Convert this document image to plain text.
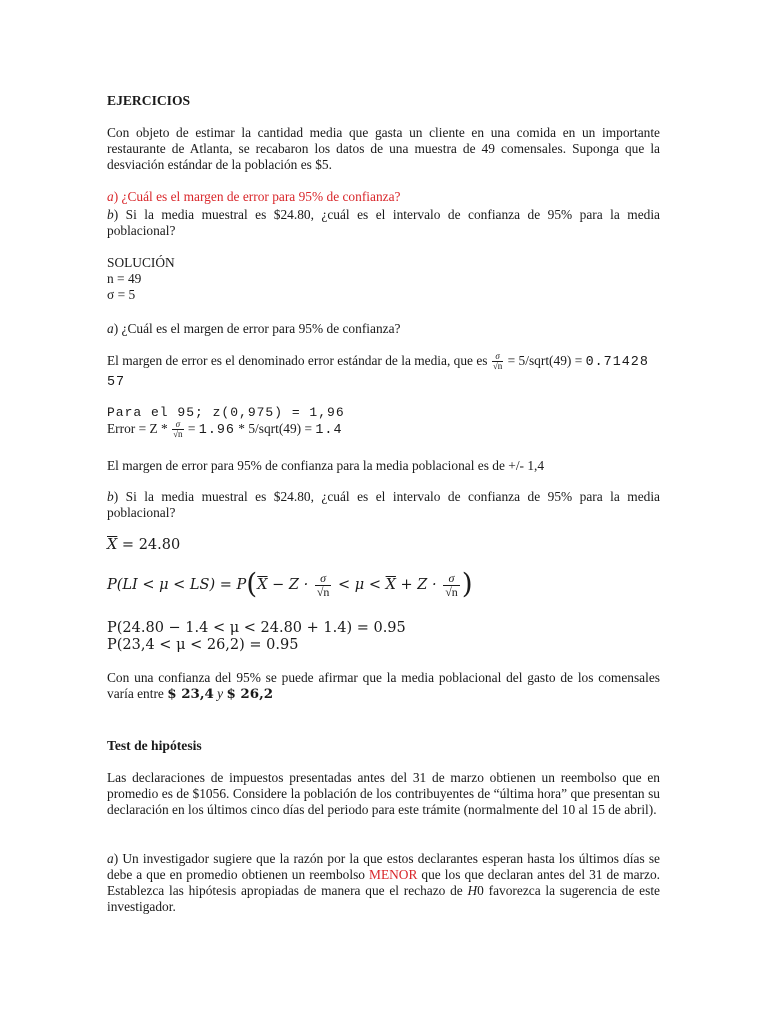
EJERCICIOS
Con objeto de estimar la cantidad media que gasta un cliente en una comida en un importante restaurante de Atlanta, se recabaron los datos de una muestra de 49 comensales. Suponga que la desviación estándar de la población es $5.
a) ¿Cuál es el margen de error para 95% de confianza?
b) Si la media muestral es $24.80, ¿cuál es el intervalo de confianza de 95% para la media poblacional?
SOLUCIÓN
n = 49
σ = 5
a) ¿Cuál es el margen de error para 95% de confianza?
El margen de error es el denominado error estándar de la media, que es $\frac{\sigma}{√n}$ = 5/sqrt(49) = 0.71428
57
Para el 95; z(0,975) = 1,96
Error = $Z * \frac{\sigma}{√n} = 1.96$ * 5/sqrt(49) = 1.4
El margen de error para 95% de confianza para la media poblacional es de +/- 1,4
b) Si la media muestral es $24.80, ¿cuál es el intervalo de confianza de 95% para la media poblacional?
$\overline{X} = 24.80$
$P(LI < \mu < LS) = P(\overline{X} - Z \cdot \frac{\sigma}{√n} < \mu < \overline{X} + Z \cdot \frac{\sigma}{√n}$ )
P(24.80 − 1.4 < μ < 24.80 + 1.4) = 0.95
P(23,4 < μ < 26,2) = 0.95
Con una confianza del 95% se puede afirmar que la media poblacional del gasto de los comensales varía entre $ 23,4 y $ 26,2
Test de hipótesis
Las declaraciones de impuestos presentadas antes del 31 de marzo obtienen un reembolso que en promedio es de $1056. Considere la población de los contribuyentes de “última hora” que presentan su declaración en los últimos cinco días del periodo para este trámite (normalmente del 10 al 15 de abril).
a) Un investigador sugiere que la razón por la que estos declarantes esperan hasta los últimos días se debe a que en promedio obtienen un reembolso MENOR que los que declaran antes del 31 de marzo. Establezca las hipótesis apropiadas de manera que el rechazo de H0 favorezca la sugerencia de este investigador.
